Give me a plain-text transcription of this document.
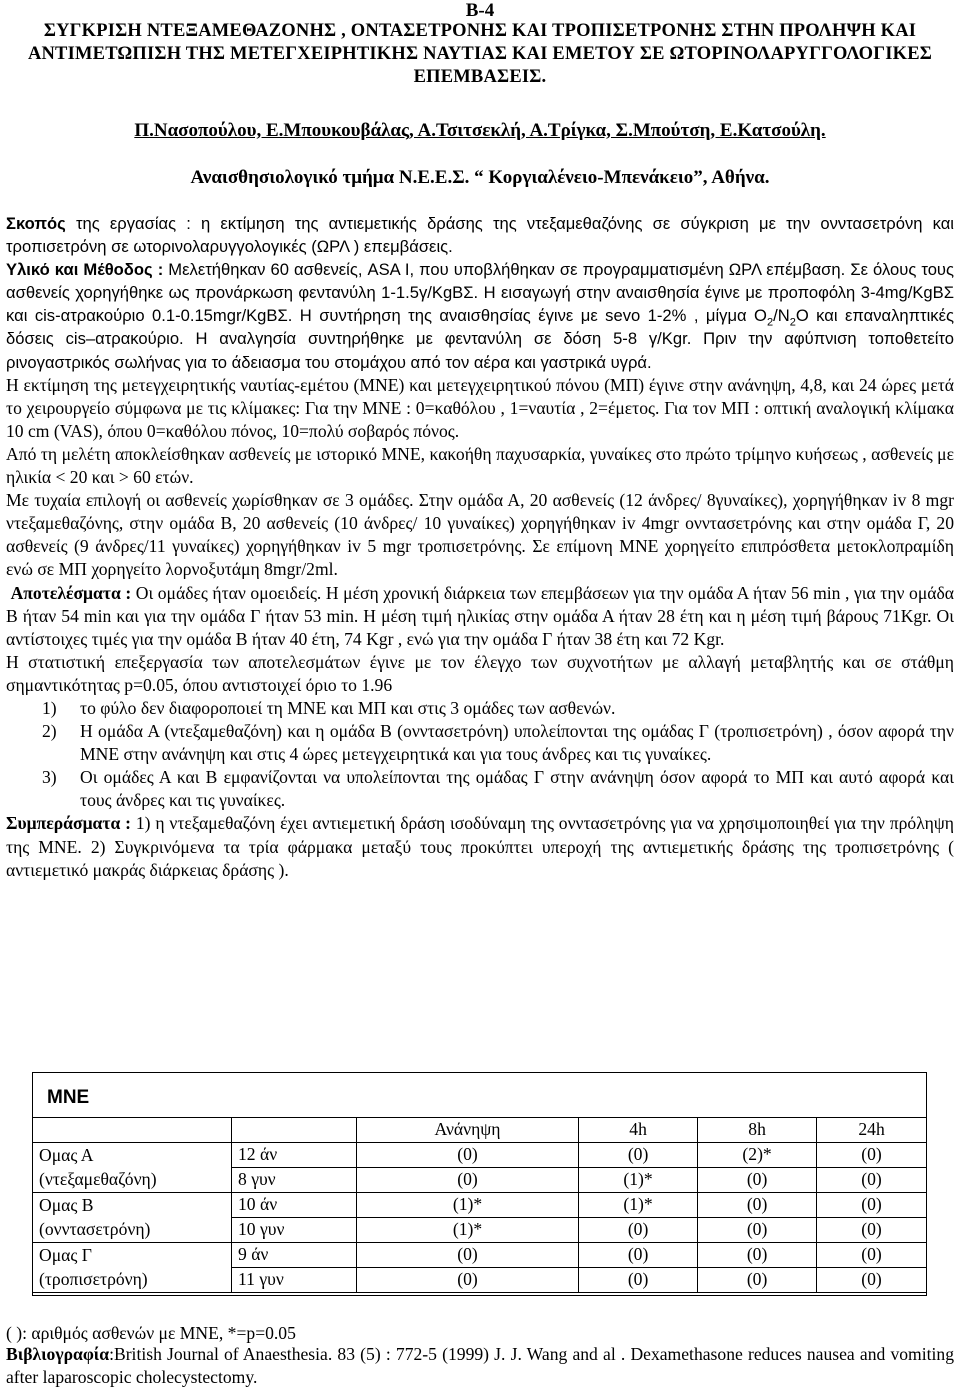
Β-4
ΣΥΓΚΡΙΣΗ ΝΤΕΞΑΜΕΘΑΖΟΝΗΣ , ΟΝΤΑΣΕΤΡΟΝΗΣ ΚΑΙ ΤΡΟΠΙΣΕΤΡΟΝΗΣ ΣΤΗΝ ΠΡΟΛΗΨΗ ΚΑΙ ΑΝΤΙΜΕΤΩΠΙΣΗ ΤΗΣ ΜΕΤΕΓΧΕΙΡΗΤΙΚΗΣ ΝΑΥΤΙΑΣ ΚΑΙ ΕΜΕΤΟΥ ΣΕ ΩΤΟΡΙΝΟΛΑΡΥΓΓΟΛΟΓΙΚΕΣ ΕΠΕΜΒΑΣΕΙΣ.
Π.Νασοπούλου, Ε.Μπουκουβάλας, Α.Τσιτσεκλή, Α.Τρίγκα, Σ.Μπούτση, Ε.Κατσούλη.
Αναισθησιολογικό τμήμα Ν.Ε.Ε.Σ. “ Κοργιαλένειο-Μπενάκειο”, Αθήνα.

Σκοπός της εργασίας : η εκτίμηση της αντιεμετικής δράσης της ντεξαμεθαζόνης σε σύγκριση με την ονντασετρόνη και τροπισετρόνη σε ωτορινολαρυγγολογικές (ΩΡΛ ) επεμβάσεις.

Υλικό και Μέθοδος : Μελετήθηκαν 60 ασθενείς, ASA I, που υποβλήθηκαν σε προγραμματισμένη ΩΡΛ επέμβαση. Σε όλους τους ασθενείς χορηγήθηκε ως προνάρκωση φεντανύλη 1-1.5γ/KgBΣ. Η εισαγωγή στην αναισθησία έγινε με προποφόλη 3-4mg/KgBΣ και cis-ατρακούριο 0.1-0.15mgr/KgBΣ. Η συντήρηση της αναισθησίας έγινε με sevo 1-2% , μίγμα $O_2/N_2O$ και επαναληπτικές δόσεις cis–ατρακούριο. Η αναλγησία συντηρήθηκε με φεντανύλη σε δόση 5-8 γ/Kgr. Πριν την αφύπνιση τοποθετείτο ρινογαστρικός σωλήνας για το άδειασμα του στομάχου από τον αέρα και γαστρικά υγρά.

Η εκτίμηση της μετεγχειρητικής ναυτίας-εμέτου (ΜΝΕ) και μετεγχειρητικού πόνου (ΜΠ) έγινε στην ανάνηψη, 4,8, και 24 ώρες μετά το χειρουργείο σύμφωνα με τις κλίμακες: Για την ΜΝΕ : 0=καθόλου , 1=ναυτία , 2=έμετος. Για τον ΜΠ : οπτική αναλογική κλίμακα 10 cm (VAS), όπου 0=καθόλου πόνος, 10=πολύ σοβαρός πόνος.

Από τη μελέτη αποκλείσθηκαν ασθενείς με ιστορικό ΜΝΕ, κακοήθη παχυσαρκία, γυναίκες στο πρώτο τρίμηνο κυήσεως , ασθενείς με ηλικία < 20 και > 60 ετών.

Με τυχαία επιλογή οι ασθενείς χωρίσθηκαν σε 3 ομάδες. Στην ομάδα Α, 20 ασθενείς (12 άνδρες/ 8γυναίκες), χορηγήθηκαν iv 8 mgr ντεξαμεθαζόνης, στην ομάδα Β, 20 ασθενείς (10 άνδρες/ 10 γυναίκες) χορηγήθηκαν iv 4mgr ονντασετρόνης και στην ομάδα Γ, 20 ασθενείς (9 άνδρες/11 γυναίκες) χορηγήθηκαν iv 5 mgr τροπισετρόνης. Σε επίμονη ΜΝΕ χορηγείτο επιπρόσθετα μετοκλοπραμίδη ενώ σε ΜΠ χορηγείτο λορνοξυτάμη 8mgr/2ml.

Αποτελέσματα : Οι ομάδες ήταν ομοειδείς. Η μέση χρονική διάρκεια των επεμβάσεων για την ομάδα Α ήταν 56 min , για την ομάδα Β ήταν 54 min και για την ομάδα Γ ήταν 53 min. Η μέση τιμή ηλικίας στην ομάδα Α ήταν 28 έτη και η μέση τιμή βάρους 71Kgr. Οι αντίστοιχες τιμές για την ομάδα Β ήταν 40 έτη, 74 Kgr , ενώ για την ομάδα Γ ήταν 38 έτη και 72 Kgr.

Η στατιστική επεξεργασία των αποτελεσμάτων έγινε με τον έλεγχο των συχνοτήτων με αλλαγή μεταβλητής και σε στάθμη σημαντικότητας p=0.05, όπου αντιστοιχεί όριο το 1.96

1) το φύλο δεν διαφοροποιεί τη ΜΝΕ και ΜΠ και στις 3 ομάδες των ασθενών.
2) Η ομάδα Α (ντεξαμεθαζόνη) και η ομάδα Β (ονντασετρόνη) υπολείπονται της ομάδας Γ (τροπισετρόνη) , όσον αφορά την ΜΝΕ στην ανάνηψη και στις 4 ώρες μετεγχειρητικά και για τους άνδρες και τις γυναίκες.
3) Οι ομάδες Α και Β εμφανίζονται να υπολείπονται της ομάδας Γ στην ανάνηψη όσον αφορά το ΜΠ και αυτό αφορά και τους άνδρες και τις γυναίκες.

Συμπεράσματα : 1) η ντεξαμεθαζόνη έχει αντιεμετική δράση ισοδύναμη της ονντασετρόνης για να χρησιμοποιηθεί για την πρόληψη της ΜΝΕ. 2) Συγκρινόμενα τα τρία φάρμακα μεταξύ τους προκύπτει υπεροχή της αντιεμετικής δράσης της τροπισετρόνης ( αντιεμετικό μακράς διάρκειας δράσης ).

ΜΝΕ
		Ανάνηψη	4h	8h	24h

Ομας Α
(ντεξαμεθαζόνη)	12 άν	(0)	(0)	(2)*	(0)
	8 γυν	(0)	(1)*	(0)	(0)

Ομας Β
(ονντασετρόνη)	10 άν	(1)*	(1)*	(0)	(0)
	10 γυν	(1)*	(0)	(0)	(0)

Ομας Γ
(τροπισετρόνη)	9 άν	(0)	(0)	(0)	(0)
	11 γυν	(0)	(0)	(0)	(0)
( ): αριθμός ασθενών με ΜΝΕ, *=p=0.05
Βιβλιογραφία:British Journal of Anaesthesia. 83 (5) : 772-5 (1999) J. J. Wang and al . Dexamethasone reduces nausea and vomiting after laparoscopic cholecystectomy.
